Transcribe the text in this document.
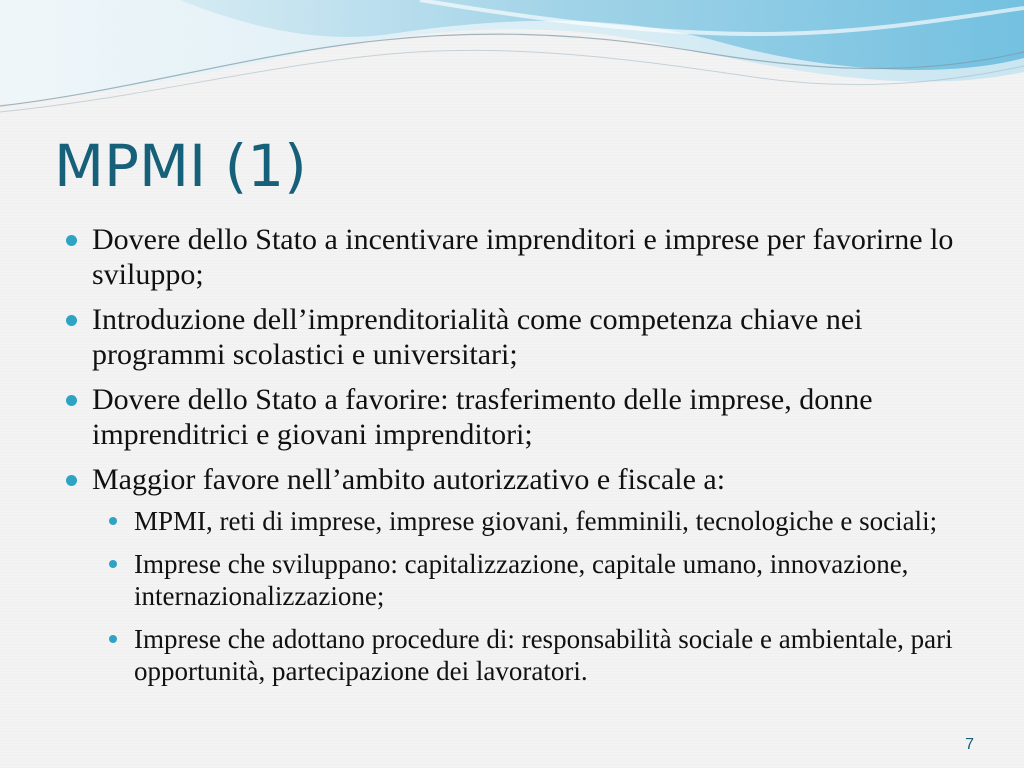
MPMI (1)
Dovere dello Stato a incentivare imprenditori e imprese per favorirne lo sviluppo;
Introduzione dell’imprenditorialità come competenza chiave nei programmi scolastici e universitari;
Dovere dello Stato a favorire: trasferimento delle imprese, donne imprenditrici e giovani imprenditori;
Maggior favore nell’ambito autorizzativo e fiscale a:
MPMI, reti di imprese, imprese giovani, femminili, tecnologiche e sociali;
Imprese che sviluppano: capitalizzazione, capitale umano, innovazione, internazionalizzazione;
Imprese che adottano procedure di: responsabilità sociale e ambientale, pari opportunità, partecipazione dei lavoratori.
7
